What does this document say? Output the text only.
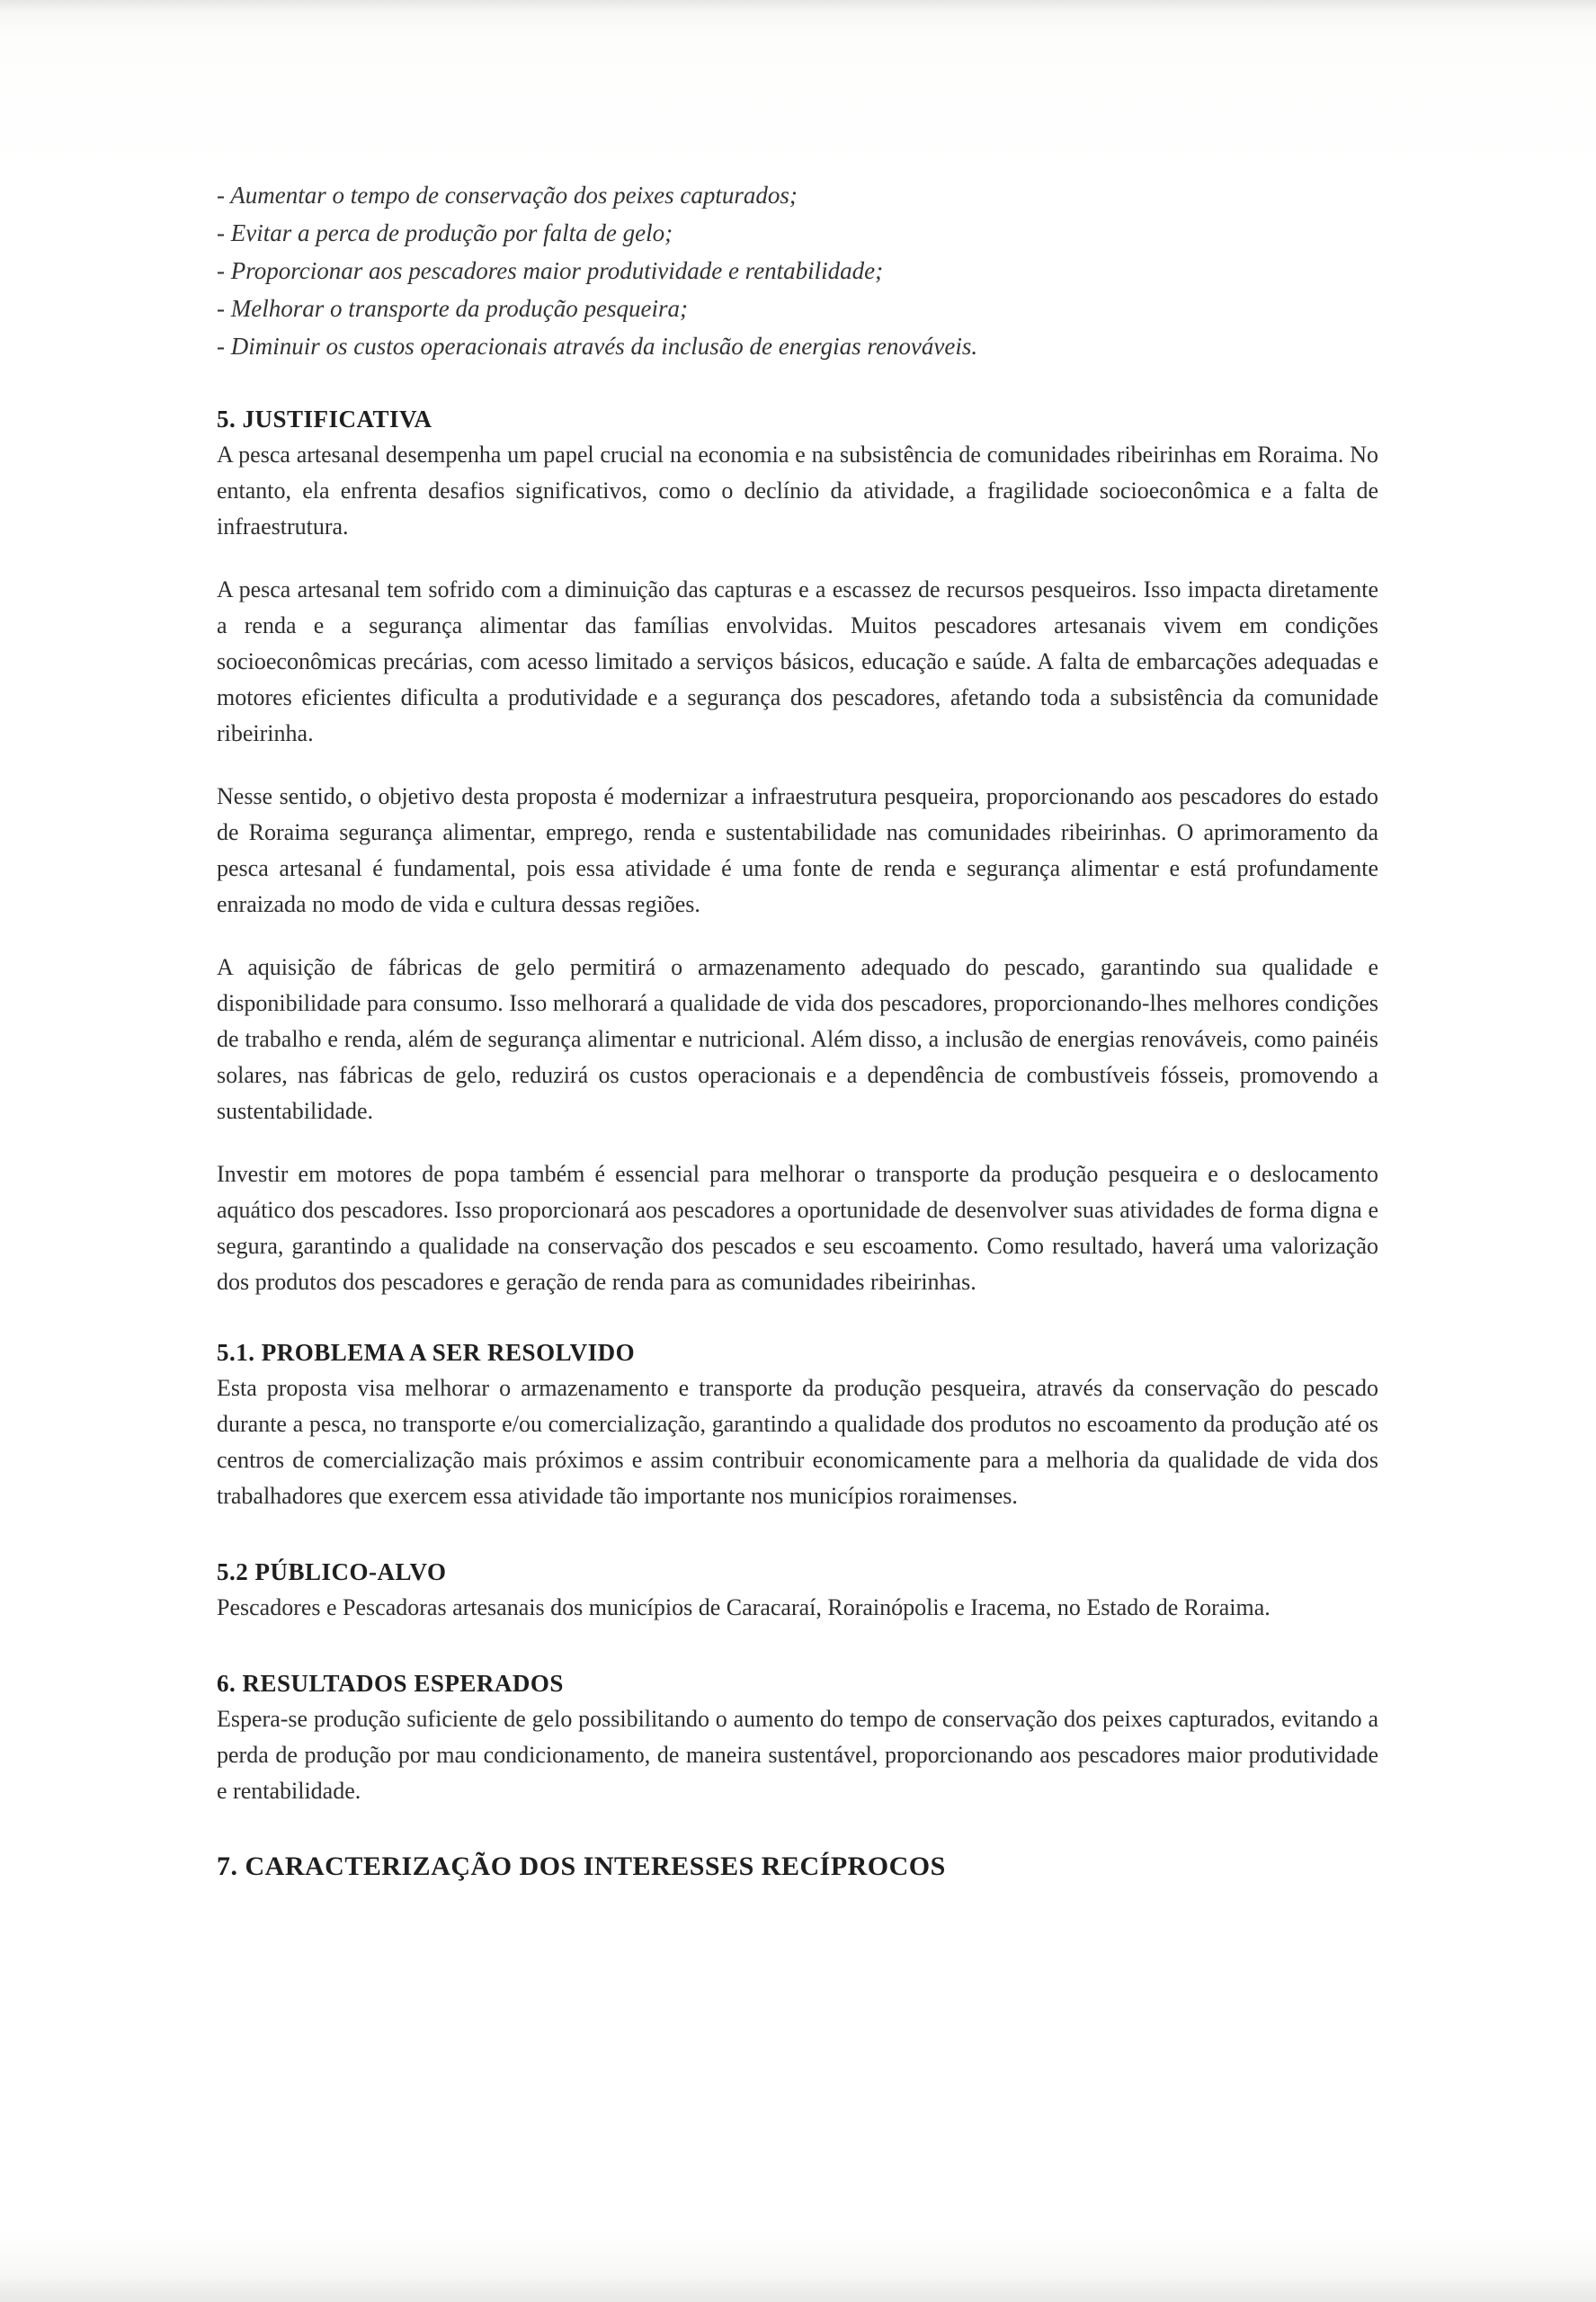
- Aumentar o tempo de conservação dos peixes capturados;
- Evitar a perca de produção por falta de gelo;
- Proporcionar aos pescadores maior produtividade e rentabilidade;
- Melhorar o transporte da produção pesqueira;
- Diminuir os custos operacionais através da inclusão de energias renováveis.
5. JUSTIFICATIVA

A pesca artesanal desempenha um papel crucial na economia e na subsistência de comunidades ribeirinhas em Roraima. No entanto, ela enfrenta desafios significativos, como o declínio da atividade, a fragilidade socioeconômica e a falta de infraestrutura.

A pesca artesanal tem sofrido com a diminuição das capturas e a escassez de recursos pesqueiros. Isso impacta diretamente a renda e a segurança alimentar das famílias envolvidas. Muitos pescadores artesanais vivem em condições socioeconômicas precárias, com acesso limitado a serviços básicos, educação e saúde. A falta de embarcações adequadas e motores eficientes dificulta a produtividade e a segurança dos pescadores, afetando toda a subsistência da comunidade ribeirinha.

Nesse sentido, o objetivo desta proposta é modernizar a infraestrutura pesqueira, proporcionando aos pescadores do estado de Roraima segurança alimentar, emprego, renda e sustentabilidade nas comunidades ribeirinhas. O aprimoramento da pesca artesanal é fundamental, pois essa atividade é uma fonte de renda e segurança alimentar e está profundamente enraizada no modo de vida e cultura dessas regiões.

A aquisição de fábricas de gelo permitirá o armazenamento adequado do pescado, garantindo sua qualidade e disponibilidade para consumo. Isso melhorará a qualidade de vida dos pescadores, proporcionando-lhes melhores condições de trabalho e renda, além de segurança alimentar e nutricional. Além disso, a inclusão de energias renováveis, como painéis solares, nas fábricas de gelo, reduzirá os custos operacionais e a dependência de combustíveis fósseis, promovendo a sustentabilidade.

Investir em motores de popa também é essencial para melhorar o transporte da produção pesqueira e o deslocamento aquático dos pescadores. Isso proporcionará aos pescadores a oportunidade de desenvolver suas atividades de forma digna e segura, garantindo a qualidade na conservação dos pescados e seu escoamento. Como resultado, haverá uma valorização dos produtos dos pescadores e geração de renda para as comunidades ribeirinhas.

5.1. PROBLEMA A SER RESOLVIDO

Esta proposta visa melhorar o armazenamento e transporte da produção pesqueira, através da conservação do pescado durante a pesca, no transporte e/ou comercialização, garantindo a qualidade dos produtos no escoamento da produção até os centros de comercialização mais próximos e assim contribuir economicamente para a melhoria da qualidade de vida dos trabalhadores que exercem essa atividade tão importante nos municípios roraimenses.

5.2 PÚBLICO-ALVO

Pescadores e Pescadoras artesanais dos municípios de Caracaraí, Rorainópolis e Iracema, no Estado de Roraima.

6. RESULTADOS ESPERADOS

Espera-se produção suficiente de gelo possibilitando o aumento do tempo de conservação dos peixes capturados, evitando a perda de produção por mau condicionamento, de maneira sustentável, proporcionando aos pescadores maior produtividade e rentabilidade.

7. CARACTERIZAÇÃO DOS INTERESSES RECÍPROCOS
